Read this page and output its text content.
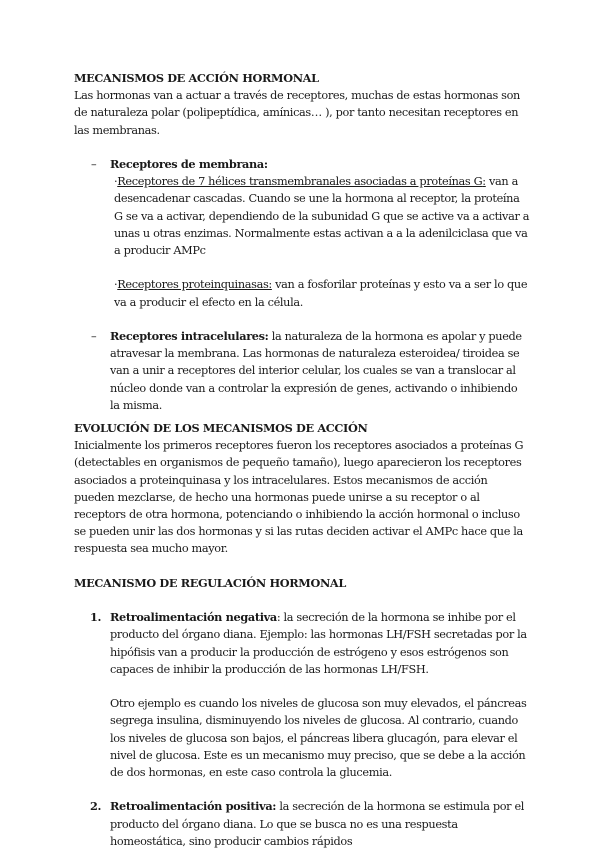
MECANISMOS DE ACCIÓN HORMONAL

Las hormonas van a actuar a través de receptores, muchas de estas hormonas son de naturaleza polar (polipeptídica, amínicas… ), por tanto necesitan receptores en las membranas.

– Receptores de membrana:

·Receptores de 7 hélices transmembranales asociadas a proteínas G: van a desencadenar cascadas. Cuando se une la hormona al receptor, la proteína G se va a activar, dependiendo de la subunidad G que se active va a activar a unas u otras enzimas. Normalmente estas activan a a la adenilciclasa que va a producir AMPc

·Receptores proteinquinasas: van a fosforilar proteínas y esto va a ser lo que va a producir el efecto en la célula.

– Receptores intracelulares: la naturaleza de la hormona es apolar y puede atravesar la membrana. Las hormonas de naturaleza esteroidea/ tiroidea se van a unir a receptores del interior celular, los cuales se van a translocar al núcleo donde van a controlar la expresión de genes, activando o inhibiendo la misma.

EVOLUCIÓN DE LOS MECANISMOS DE ACCIÓN

Inicialmente los primeros receptores fueron los receptores asociados a proteínas G (detectables en organismos de pequeño tamaño), luego aparecieron los receptores asociados a proteinquinasa y los intracelulares. Estos mecanismos de acción pueden mezclarse, de hecho una hormonas puede unirse a su receptor o al receptors de otra hormona, potenciando o inhibiendo la acción hormonal o incluso se pueden unir las dos hormonas y si las rutas deciden activar el AMPc hace que la respuesta sea mucho mayor.

MECANISMO DE REGULACIÓN HORMONAL

1. Retroalimentación negativa: la secreción de la hormona se inhibe por el producto del órgano diana. Ejemplo: las hormonas LH/FSH secretadas por la hipófisis van a producir la producción de estrógeno y esos estrógenos son capaces de inhibir la producción de las hormonas LH/FSH.

Otro ejemplo es cuando los niveles de glucosa son muy elevados, el páncreas segrega insulina, disminuyendo los niveles de glucosa. Al contrario, cuando los niveles de glucosa son bajos, el páncreas libera glucagón, para elevar el nivel de glucosa. Este es un mecanismo muy preciso, que se debe a la acción de dos hormonas, en este caso controla la glucemia.

2. Retroalimentación positiva: la secreción de la hormona se estimula por el producto del órgano diana. Lo que se busca no es una respuesta homeostática, sino producir cambios rápidos
